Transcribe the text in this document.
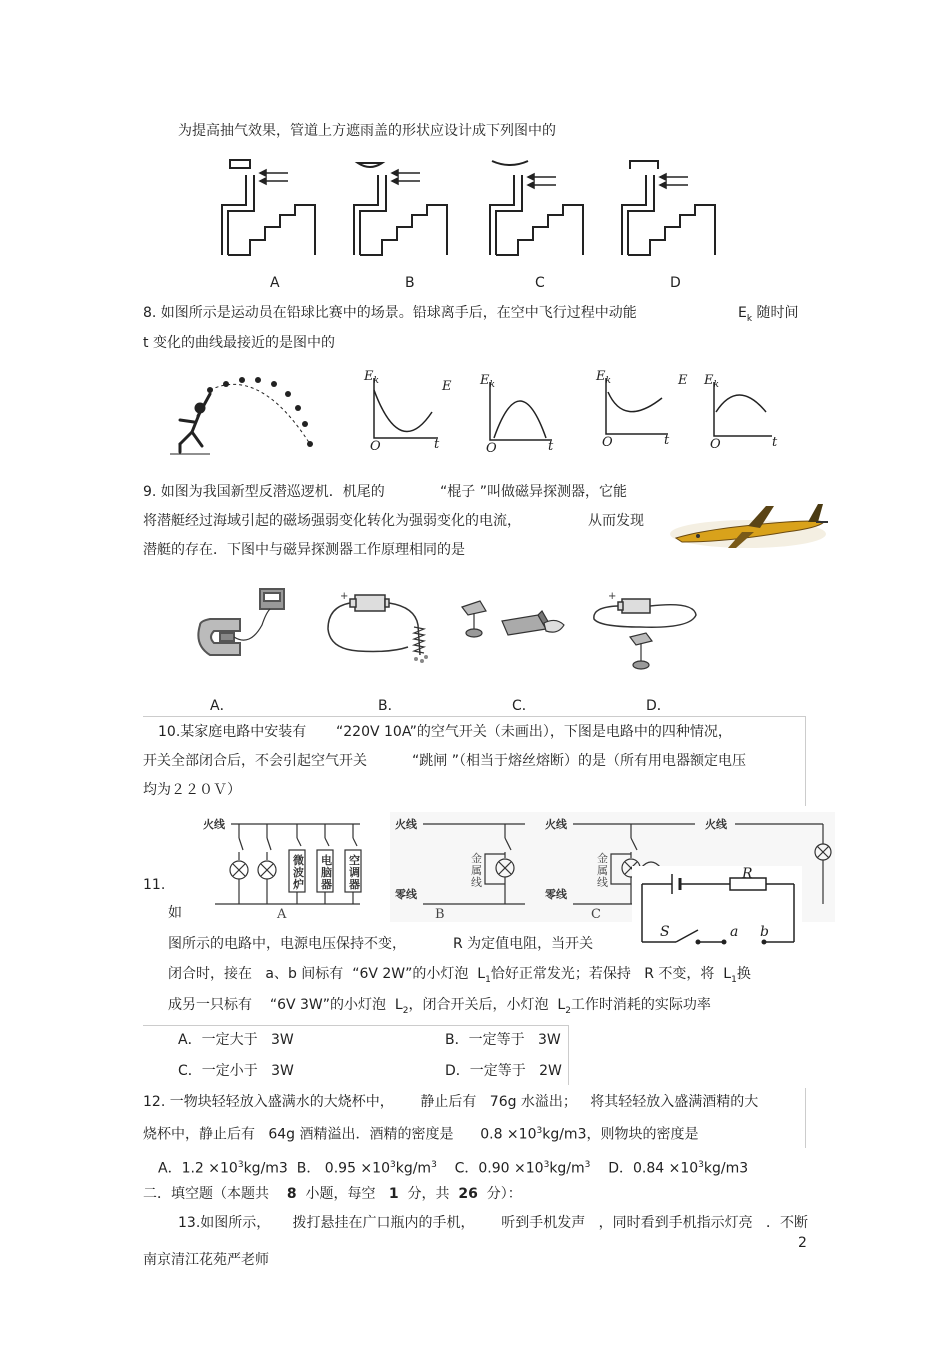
为提高抽气效果，管道上方遮雨盖的形状应设计成下列图中的
A	B	C	D
8. 如图所示是运动员在铅球比赛中的场景。铅球离手后，在空中飞行过程中动能	$E_k$ 随时间
t 变化的曲线最接近的是图中的
$E_k$
O	t
E $E_k$
O	t
$E_k$
O	t
E $E_k$
O	t
9. 如图为我国新型反潜巡逻机．机尾的	“棍子 ”叫做磁异探测器，它能
将潜艇经过海域引起的磁场强弱变化转化为强弱变化的电流，	从而发现
潜艇的存在．下图中与磁异探测器工作原理相同的是
+	+
A．	B．	C．	D．
10.某家庭电路中安装有 “220V 10A”的空气开关（未画出），下图是电路中的四种情况，
开关全部闭合后，不会引起空气开关	“跳闸 ”（相当于熔丝熔断）的是（所有用电器额定电压
均为２２０Ｖ）
火线	火线	火线	火线
零线	零线
微
波
炉
电
脑
器
空
调
器
金
属
线
金
属
线
A	B	C
11.
如
R
S	a b
图所示的电路中，电源电压保持不变，	R 为定值电阻，当开关
闭合时，接在 a、b 间标有 “6V 2W”的小灯泡 $L_1$恰好正常发光；若保持 R 不变，将 $L_1$换
成另一只标有 “6V 3W”的小灯泡 $L_2$，闭合开关后，小灯泡 $L_2$工作时消耗的实际功率
A．一定大于 3W	B．一定等于 3W
C．一定小于 3W	D．一定等于 2W
12. 一物块轻轻放入盛满水的大烧杯中， 静止后有 76g 水溢出； 将其轻轻放入盛满酒精的大
烧杯中，静止后有 64g 酒精溢出．酒精的密度是 $0.8 \times 10^3kg/m3$，则物块的密度是
A．$1.2 \times 10^3kg/m3$ B． $0.95 \times 10^3kg/m^3$ C．$0.90 \times 10^3kg/m^3$ D．$0.84 \times 10^3kg/m3$
二．填空题（本题共 8 小题，每空 1 分，共 26 分）：
13.如图所示， 拨打悬挂在广口瓶内的手机， 听到手机发声 ，同时看到手机指示灯亮 ．不断
2
南京清江花苑严老师
